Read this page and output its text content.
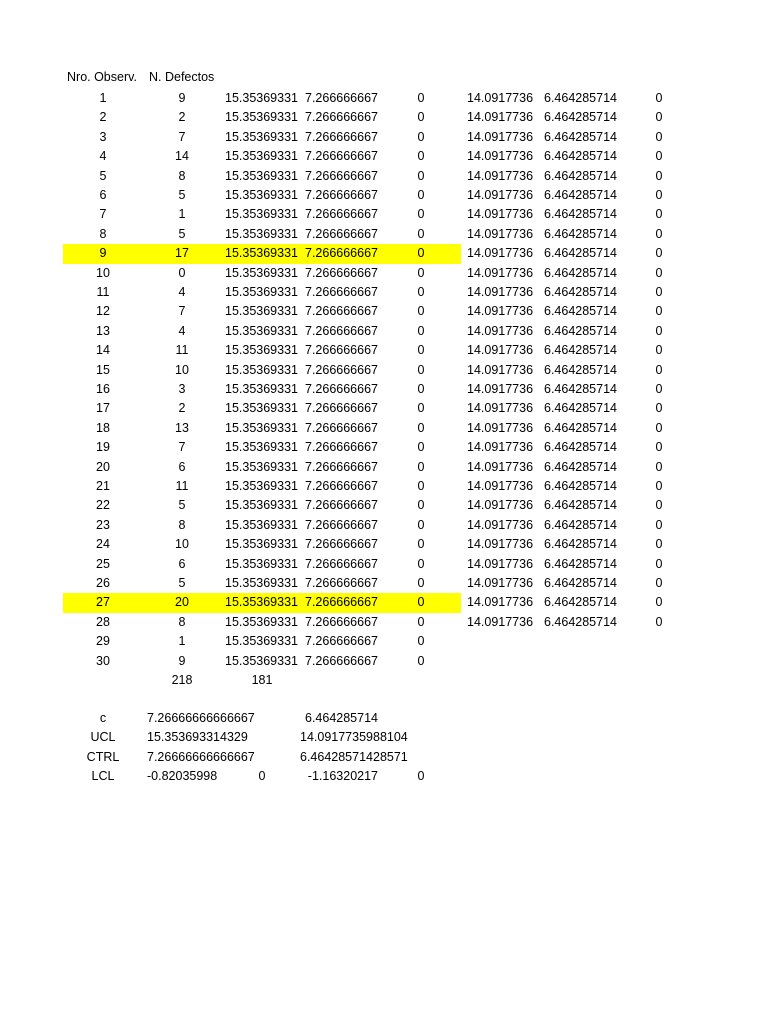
Nro. Observ. N. Defectos
1	9	15.35369331 7.266666667	0	14.0917736 6.464285714	0
2	2	15.35369331 7.266666667	0	14.0917736 6.464285714	0
3	7	15.35369331 7.266666667	0	14.0917736 6.464285714	0
4	14	15.35369331 7.266666667	0	14.0917736 6.464285714	0
5	8	15.35369331 7.266666667	0	14.0917736 6.464285714	0
6	5	15.35369331 7.266666667	0	14.0917736 6.464285714	0
7	1	15.35369331 7.266666667	0	14.0917736 6.464285714	0
8	5	15.35369331 7.266666667	0	14.0917736 6.464285714	0
9	17	15.35369331 7.266666667	0	14.0917736 6.464285714	0
10	0	15.35369331 7.266666667	0	14.0917736 6.464285714	0
11	4	15.35369331 7.266666667	0	14.0917736 6.464285714	0
12	7	15.35369331 7.266666667	0	14.0917736 6.464285714	0
13	4	15.35369331 7.266666667	0	14.0917736 6.464285714	0
14	11	15.35369331 7.266666667	0	14.0917736 6.464285714	0
15	10	15.35369331 7.266666667	0	14.0917736 6.464285714	0
16	3	15.35369331 7.266666667	0	14.0917736 6.464285714	0
17	2	15.35369331 7.266666667	0	14.0917736 6.464285714	0
18	13	15.35369331 7.266666667	0	14.0917736 6.464285714	0
19	7	15.35369331 7.266666667	0	14.0917736 6.464285714	0
20	6	15.35369331 7.266666667	0	14.0917736 6.464285714	0
21	11	15.35369331 7.266666667	0	14.0917736 6.464285714	0
22	5	15.35369331 7.266666667	0	14.0917736 6.464285714	0
23	8	15.35369331 7.266666667	0	14.0917736 6.464285714	0
24	10	15.35369331 7.266666667	0	14.0917736 6.464285714	0
25	6	15.35369331 7.266666667	0	14.0917736 6.464285714	0
26	5	15.35369331 7.266666667	0	14.0917736 6.464285714	0
27	20	15.35369331 7.266666667	0	14.0917736 6.464285714	0
28	8	15.35369331 7.266666667	0	14.0917736 6.464285714	0
29	1	15.35369331 7.266666667	0
30	9	15.35369331 7.266666667	0
218	181
c	7.26666666666667	6.464285714
UCL	15.353693314329	14.0917735988104
CTRL	7.26666666666667	6.46428571428571
LCL	-0.82035998	0	-1.16320217	0
